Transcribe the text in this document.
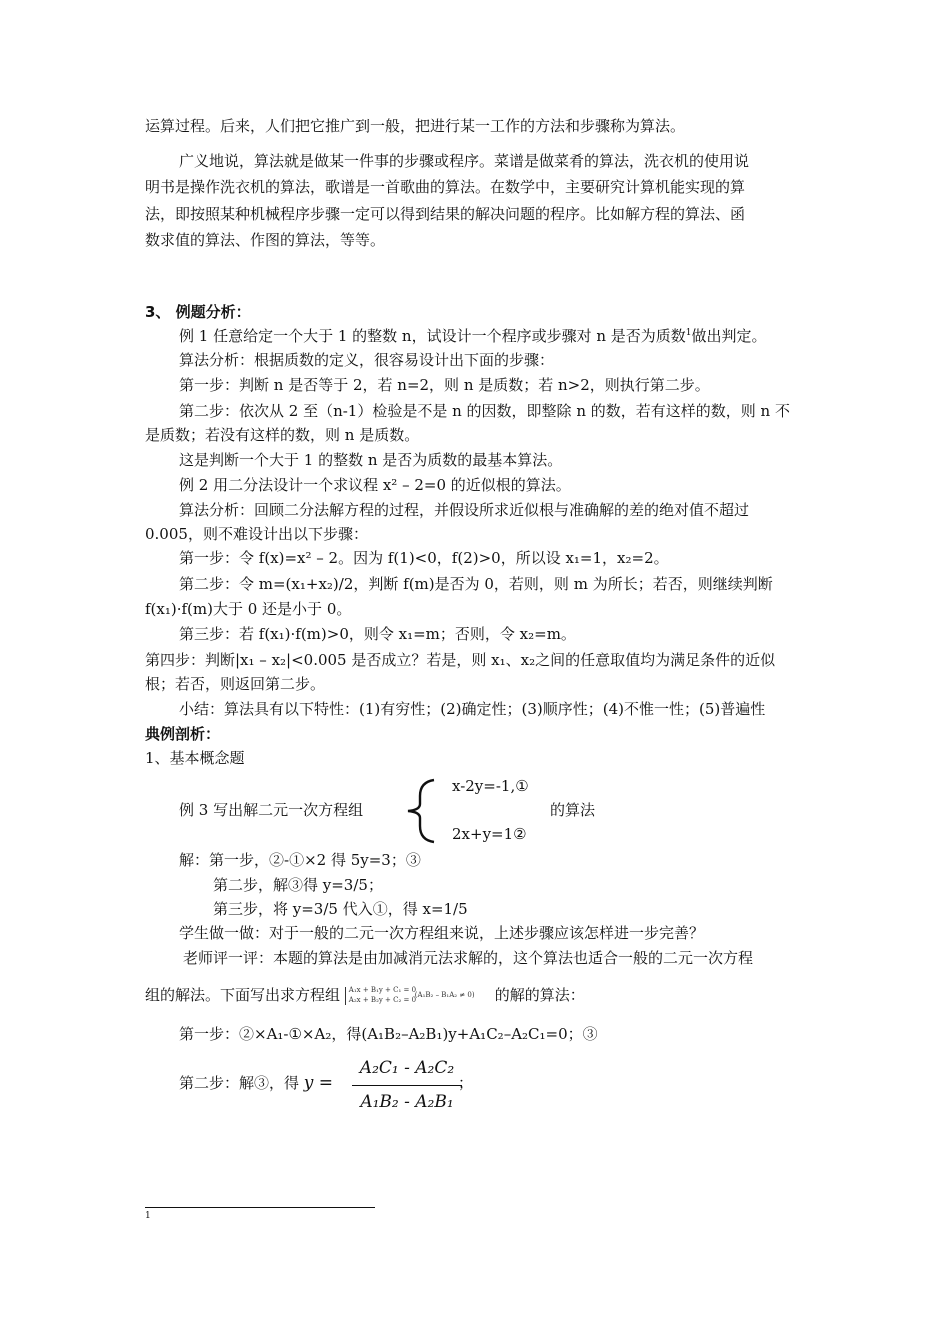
运算过程。后来，人们把它推广到一般，把进行某一工作的方法和步骤称为算法。
广义地说，算法就是做某一件事的步骤或程序。菜谱是做菜肴的算法，洗衣机的使用说
明书是操作洗衣机的算法，歌谱是一首歌曲的算法。在数学中，主要研究计算机能实现的算
法，即按照某种机械程序步骤一定可以得到结果的解决问题的程序。比如解方程的算法、函
数求值的算法、作图的算法，等等。
3、 例题分析：
例 1 任意给定一个大于 1 的整数 n，试设计一个程序或步骤对 n 是否为质数$^1$做出判定。
算法分析：根据质数的定义，很容易设计出下面的步骤：
第一步：判断 n 是否等于 2，若 n=2，则 n 是质数；若 n>2，则执行第二步。
第二步：依次从 2 至（n-1）检验是不是 n 的因数，即整除 n 的数，若有这样的数，则 n 不
是质数；若没有这样的数，则 n 是质数。
这是判断一个大于 1 的整数 n 是否为质数的最基本算法。
例 2 用二分法设计一个求议程 x² – 2=0 的近似根的算法。
算法分析：回顾二分法解方程的过程，并假设所求近似根与准确解的差的绝对值不超过
0.005，则不难设计出以下步骤：
第一步：令 f(x)=x² – 2。因为 f(1)<0，f(2)>0，所以设 x₁=1，x₂=2。
第二步：令 m=(x₁+x₂)/2，判断 f(m)是否为 0，若则，则 m 为所长；若否，则继续判断
f(x₁)·f(m)大于 0 还是小于 0。
第三步：若 f(x₁)·f(m)>0，则令 x₁=m；否则，令 x₂=m。
第四步：判断|x₁ – x₂|<0.005 是否成立？若是，则 x₁、x₂之间的任意取值均为满足条件的近似
根；若否，则返回第二步。
小结：算法具有以下特性：(1)有穷性；(2)确定性；(3)顺序性；(4)不惟一性；(5)普遍性
典例剖析：
1、基本概念题
例 3 写出解二元一次方程组
x-2y=-1,①
2x+y=1②
的算法
解：第一步，②-①×2 得 5y=3；③
第二步，解③得 y=3/5；
第三步，将 y=3/5 代入①，得 x=1/5
学生做一做：对于一般的二元一次方程组来说，上述步骤应该怎样进一步完善？
老师评一评：本题的算法是由加减消元法求解的，这个算法也适合一般的二元一次方程
组的解法。下面写出求方程组 A₁x + B₁y + C₁ = 0
A₂x + B₂y + C₂ = 0
(A₁B₂ – B₁A₂ ≠ 0) 的解的算法：
第一步：②×A₁-①×A₂，得(A₁B₂–A₂B₁)y+A₁C₂–A₂C₁=0；③
第二步：解③，得 y =
A₂C₁ - A₂C₂
A₁B₂ - A₂B₁
；
1
